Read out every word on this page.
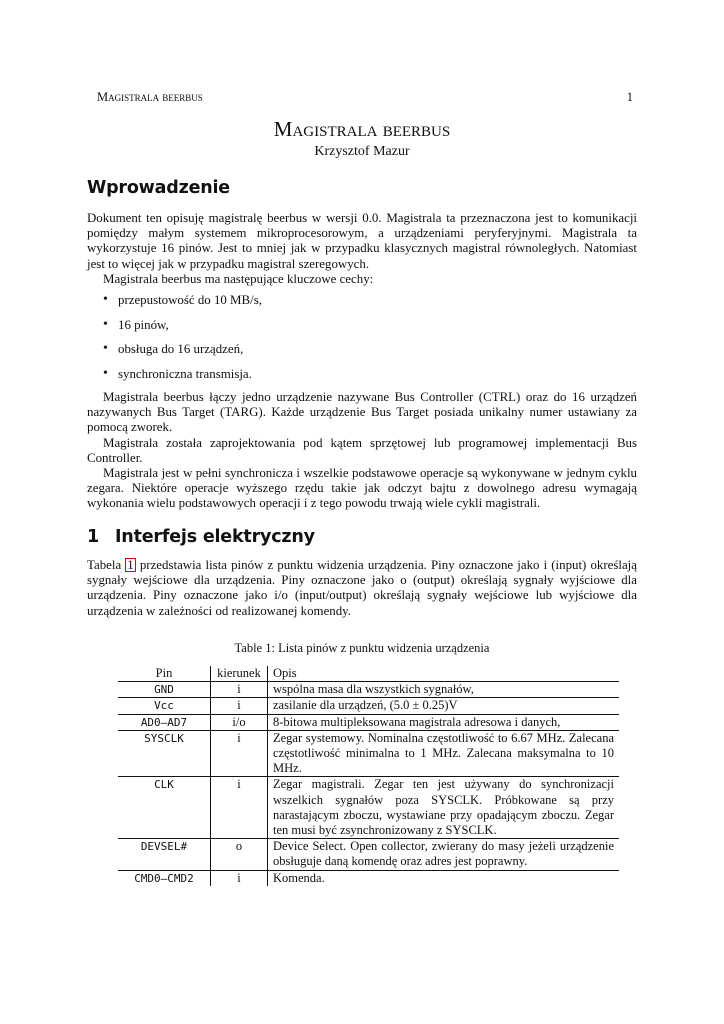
Magistrala beerbus	1
Magistrala beerbus
Krzysztof Mazur
Wprowadzenie

Dokument ten opisuję magistralę beerbus w wersji 0.0. Magistrala ta przeznaczona jest to komunikacji pomiędzy małym systemem mikroprocesorowym, a urządzeniami peryferyjnymi. Magistrala ta wykorzystuje 16 pinów. Jest to mniej jak w przypadku klasycznych magistral równoległych. Natomiast jest to więcej jak w przypadku magistral szeregowych.

Magistrala beerbus ma następujące kluczowe cechy:

• przepustowość do 10 MB/s,
• 16 pinów,
• obsługa do 16 urządzeń,
• synchroniczna transmisja.

Magistrala beerbus łączy jedno urządzenie nazywane Bus Controller (CTRL) oraz do 16 urządzeń nazywanych Bus Target (TARG). Każde urządzenie Bus Target posiada unikalny numer ustawiany za pomocą zworek.

Magistrala została zaprojektowania pod kątem sprzętowej lub programowej implementacji Bus Controller.

Magistrala jest w pełni synchronicza i wszelkie podstawowe operacje są wykonywane w jednym cyklu zegara. Niektóre operacje wyższego rzędu takie jak odczyt bajtu z dowolnego adresu wymagają wykonania wielu podstawowych operacji i z tego powodu trwają wiele cykli magistrali.

1 Interfejs elektryczny

Tabela 1 przedstawia lista pinów z punktu widzenia urządzenia. Piny oznaczone jako i (input) określają sygnały wejściowe dla urządzenia. Piny oznaczone jako o (output) określają sygnały wyjściowe dla urządzenia. Piny oznaczone jako i/o (input/output) określają sygnały wejściowe lub wyjściowe dla urządzenia w zależności od realizowanej komendy.

Table 1: Lista pinów z punktu widzenia urządzenia
Pin	kierunek	Opis
GND	i	wspólna masa dla wszystkich sygnałów,
Vcc	i	zasilanie dla urządzeń, (5.0 ± 0.25)V
AD0–AD7	i/o	8-bitowa multipleksowana magistrala adresowa i danych,
SYSCLK	i	Zegar systemowy. Nominalna częstotliwość to 6.67 MHz. Zalecana częstotliwość minimalna to 1 MHz. Zalecana maksymalna to 10 MHz.
CLK	i	Zegar magistrali. Zegar ten jest używany do synchronizacji wszelkich sygnałów poza SYSCLK. Próbkowane są przy narastającym zboczu, wystawiane przy opadającym zboczu. Zegar ten musi być zsynchronizowany z SYSCLK.
DEVSEL#	o	Device Select. Open collector, zwierany do masy jeżeli urządzenie obsługuje daną komendę oraz adres jest poprawny.
CMD0–CMD2	i	Komenda.
